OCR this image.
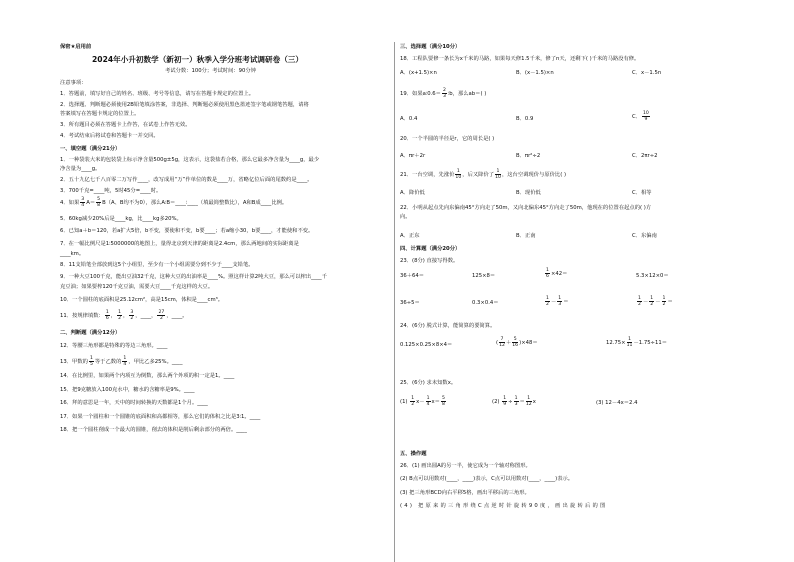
保密★启用前
2024年小升初数学（新初一）秋季入学分班考试调研卷（三）
考试分数：100分；考试时间：90分钟
注意事项：
1．答题前，填写好自己的姓名、班级、考号等信息，请写在答题卡规定的位置上。
2．选择题、判断题必须使用2B铅笔填涂答案，非选择、判断题必须使用黑色墨迹签字笔或钢笔答题，请将
答案填写在答题卡规定的位置上。
3．所有题目必须在答题卡上作答，在试卷上作答无效。
4．考试结束后将试卷和答题卡一并交回。
一、填空题（满分21分）
1．一种袋装大米的包装袋上标示净含量500g±5g，这表示，这袋盐若合格，那么它最多净含量为____g，最少
净含量为____g。
2．五十九亿七千八百零二万写作____，改写成用“万”作单位的数是____万，省略亿位后面的尾数约是____。
3．700千克=____吨，5时45分=____时。
4．如果 $\frac{3}{4} A= \frac{5}{8} B(A$、B均不为0），那么A∶B＝____∶____（填最简整数比），A和B成____比例。
5．60kg减少20%后是____kg，比____kg多20%。
6．已知a＋b＝120，若a扩大5倍，b不变，要使和不变，b要____；若a缩小30，b要____，才能使和不变。
7．在一幅比例尺是1∶5000000的地图上，量得北京到天津的距离是2.4cm，那么两地间的实际距离是
____km。
8．11支铅笔全部放到这5个小组里，至少有一个小组需要分到不少于____支铅笔。
9．一种大豆100千克，能出豆油32千克，这种大豆的出油率是____%。照这样计算2吨大豆，那么可以榨出____千
克豆油；如果要榨120千克豆油，需要大豆____千克这样的大豆。
10．一个圆柱的底面积是25.12cm²，高是15cm，体积是____cm³。
11．按规律填数： $\frac{1}{6}$ ， $\frac{1}{2}$ ， $\frac{3}{2}$ ，____， $\frac{27}{2}$ ，____。
二、判断题（满分12分）
12．等腰三角形都是特殊的等边三角形。____
13．甲数的 $\frac{1}{5}$ 等于乙数的 $\frac{1}{4}$ ，甲比乙多25%。____
14．在比例里，如果两个内项互为倒数，那么两个外项的积一定是1。____
15．把9克糖放入100克水中，糖水的含糖率是9%。____
16．拜的意思是一年，天中的时间转换的天数都是1个月。____
17．如果一个圆柱和一个圆锥的底面积和高都相等，那么它们的体积之比是3∶1。____
18．把一个圆柱削成一个最大的圆锥，削去的体积是削后剩余部分的两倍。____
三、选择题（满分10分）
18．工程队要修一条长为x千米的马路，如果每天修1.5千米，修了n天，还剩下( )千米的马路没有修。
A．(x+1.5)×n	B．(x－1.5)×n	C．x－1.5n
19．如果a∶0.6＝ $\frac{2}{3}$ ∶b，那么ab＝( )
A．0.4	B．0.9	C． $\frac{10}{9}$
20．一个半圆的半径是r，它的周长是( )
A．πr＋2r	B．πr²÷2	C．2πr÷2
21．一台空调，先涨价 $\frac{1}{10}$ ，后又降价了 $\frac{1}{10}$ ，这台空调现价与原价比( )
A．降价低	B．现价低	C．相等
22．小明从起点先向东偏南45°方向走了50m，又向北偏东45°方向走了50m，他现在的位置在起点的( )方
向。
A．正东	B．正南	C．东偏南
四、计算题（满分20分）
23．(8分) 直接写得数。
36＋64＝	125×8＝	$\frac{1}{6} \times 42=$	5.3×12×0＝
36÷5＝	0.3×0.4＝	$\frac{1}{2} - \frac{1}{3}$ ＝	$\frac{1}{2} - \frac{1}{2} - \frac{1}{2}$ ＝
24．(6分) 脱式计算，能简算的要简算。
0.125×0.25×8×4＝	( $\frac{7}{12} + \frac{5}{16} )\times 48=$	$12.75\times \frac{1}{11} -1.75\div 11=$
25．(6分) 求未知数x。
$(1) \frac{1}{2} x- \frac{1}{4} x= \frac{5}{8}$	$(2) \frac{1}{9} \div \frac{1}{3} = \frac{1}{12}$ x	(3) 12－4x＝2.4
五、操作题
26．(1) 画出圆A的另一半，使它成为一个轴对称图形。
(2) B点可以用数对(____，____)表示，C点可以用数对(____，____)表示。
(3) 把三角形BCD向右平移5格，画出平移后的三角形。
(4) 把原来的三角形绕C点逆时针旋转90度，画出旋转后的图
